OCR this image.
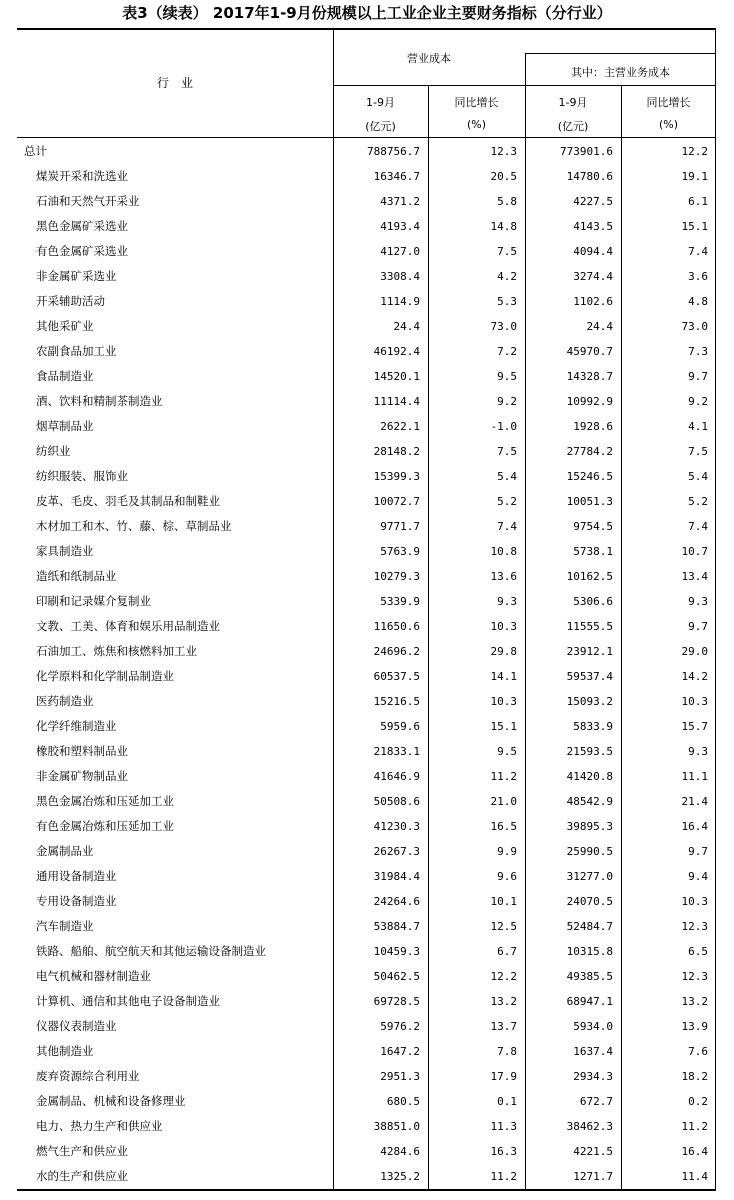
表3（续表） 2017年1-9月份规模以上工业企业主要财务指标（分行业）
行　业
营业成本
其中：主营业务成本
1-9月
(亿元)
同比增长
(%)
1-9月
(亿元)
同比增长
(%)
总计	788756.7	12.3	773901.6	12.2
煤炭开采和洗选业	16346.7	20.5	14780.6	19.1
石油和天然气开采业	4371.2	5.8	4227.5	6.1
黑色金属矿采选业	4193.4	14.8	4143.5	15.1
有色金属矿采选业	4127.0	7.5	4094.4	7.4
非金属矿采选业	3308.4	4.2	3274.4	3.6
开采辅助活动	1114.9	5.3	1102.6	4.8
其他采矿业	24.4	73.0	24.4	73.0
农副食品加工业	46192.4	7.2	45970.7	7.3
食品制造业	14520.1	9.5	14328.7	9.7
酒、饮料和精制茶制造业	11114.4	9.2	10992.9	9.2
烟草制品业	2622.1	-1.0	1928.6	4.1
纺织业	28148.2	7.5	27784.2	7.5
纺织服装、服饰业	15399.3	5.4	15246.5	5.4
皮革、毛皮、羽毛及其制品和制鞋业	10072.7	5.2	10051.3	5.2
木材加工和木、竹、藤、棕、草制品业	9771.7	7.4	9754.5	7.4
家具制造业	5763.9	10.8	5738.1	10.7
造纸和纸制品业	10279.3	13.6	10162.5	13.4
印刷和记录媒介复制业	5339.9	9.3	5306.6	9.3
文教、工美、体育和娱乐用品制造业	11650.6	10.3	11555.5	9.7
石油加工、炼焦和核燃料加工业	24696.2	29.8	23912.1	29.0
化学原料和化学制品制造业	60537.5	14.1	59537.4	14.2
医药制造业	15216.5	10.3	15093.2	10.3
化学纤维制造业	5959.6	15.1	5833.9	15.7
橡胶和塑料制品业	21833.1	9.5	21593.5	9.3
非金属矿物制品业	41646.9	11.2	41420.8	11.1
黑色金属冶炼和压延加工业	50508.6	21.0	48542.9	21.4
有色金属冶炼和压延加工业	41230.3	16.5	39895.3	16.4
金属制品业	26267.3	9.9	25990.5	9.7
通用设备制造业	31984.4	9.6	31277.0	9.4
专用设备制造业	24264.6	10.1	24070.5	10.3
汽车制造业	53884.7	12.5	52484.7	12.3
铁路、船舶、航空航天和其他运输设备制造业	10459.3	6.7	10315.8	6.5
电气机械和器材制造业	50462.5	12.2	49385.5	12.3
计算机、通信和其他电子设备制造业	69728.5	13.2	68947.1	13.2
仪器仪表制造业	5976.2	13.7	5934.0	13.9
其他制造业	1647.2	7.8	1637.4	7.6
废弃资源综合利用业	2951.3	17.9	2934.3	18.2
金属制品、机械和设备修理业	680.5	0.1	672.7	0.2
电力、热力生产和供应业	38851.0	11.3	38462.3	11.2
燃气生产和供应业	4284.6	16.3	4221.5	16.4
水的生产和供应业	1325.2	11.2	1271.7	11.4
